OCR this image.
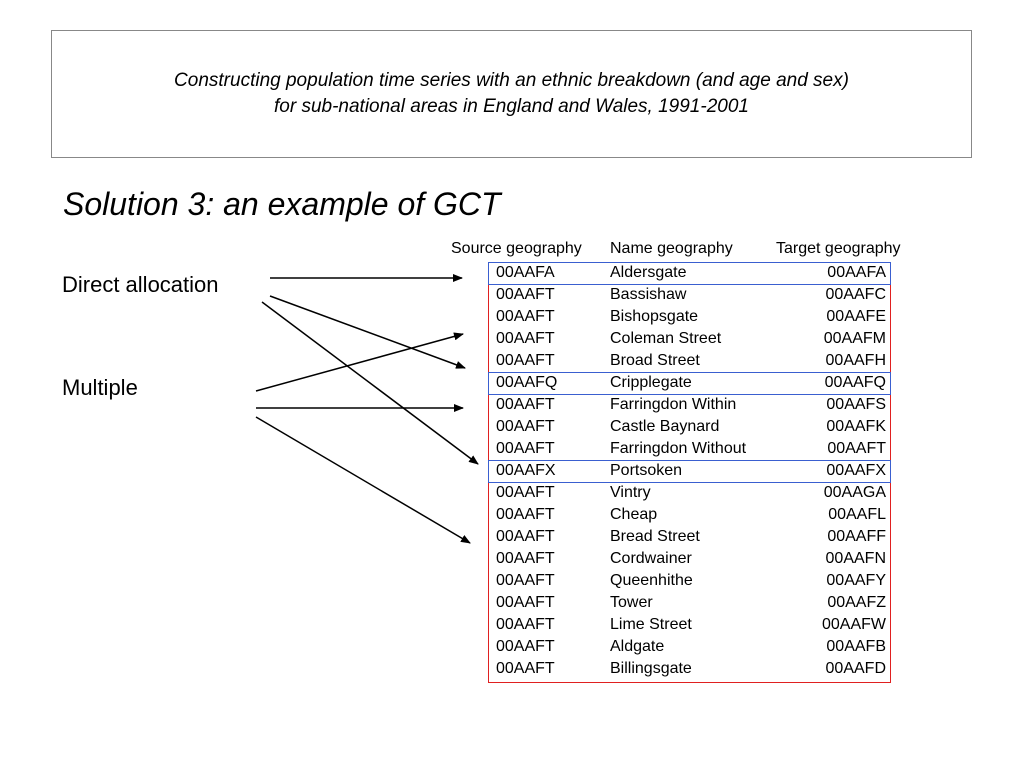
Constructing population time series with an ethnic breakdown (and age and sex)
for sub-national areas in England and Wales, 1991-2001
Solution 3: an example of GCT
Direct allocation
Multiple
Source geography Name geography	Target geography
00AAFA	Aldersgate	00AAFA
00AAFT	Bassishaw	00AAFC
00AAFT	Bishopsgate	00AAFE
00AAFT	Coleman Street	00AAFM
00AAFT	Broad Street	00AAFH
00AAFQ	Cripplegate	00AAFQ
00AAFT	Farringdon Within	00AAFS
00AAFT	Castle Baynard	00AAFK
00AAFT	Farringdon Without	00AAFT
00AAFX	Portsoken	00AAFX
00AAFT	Vintry	00AAGA
00AAFT	Cheap	00AAFL
00AAFT	Bread Street	00AAFF
00AAFT	Cordwainer	00AAFN
00AAFT	Queenhithe	00AAFY
00AAFT	Tower	00AAFZ
00AAFT	Lime Street	00AAFW
00AAFT	Aldgate	00AAFB
00AAFT	Billingsgate	00AAFD
